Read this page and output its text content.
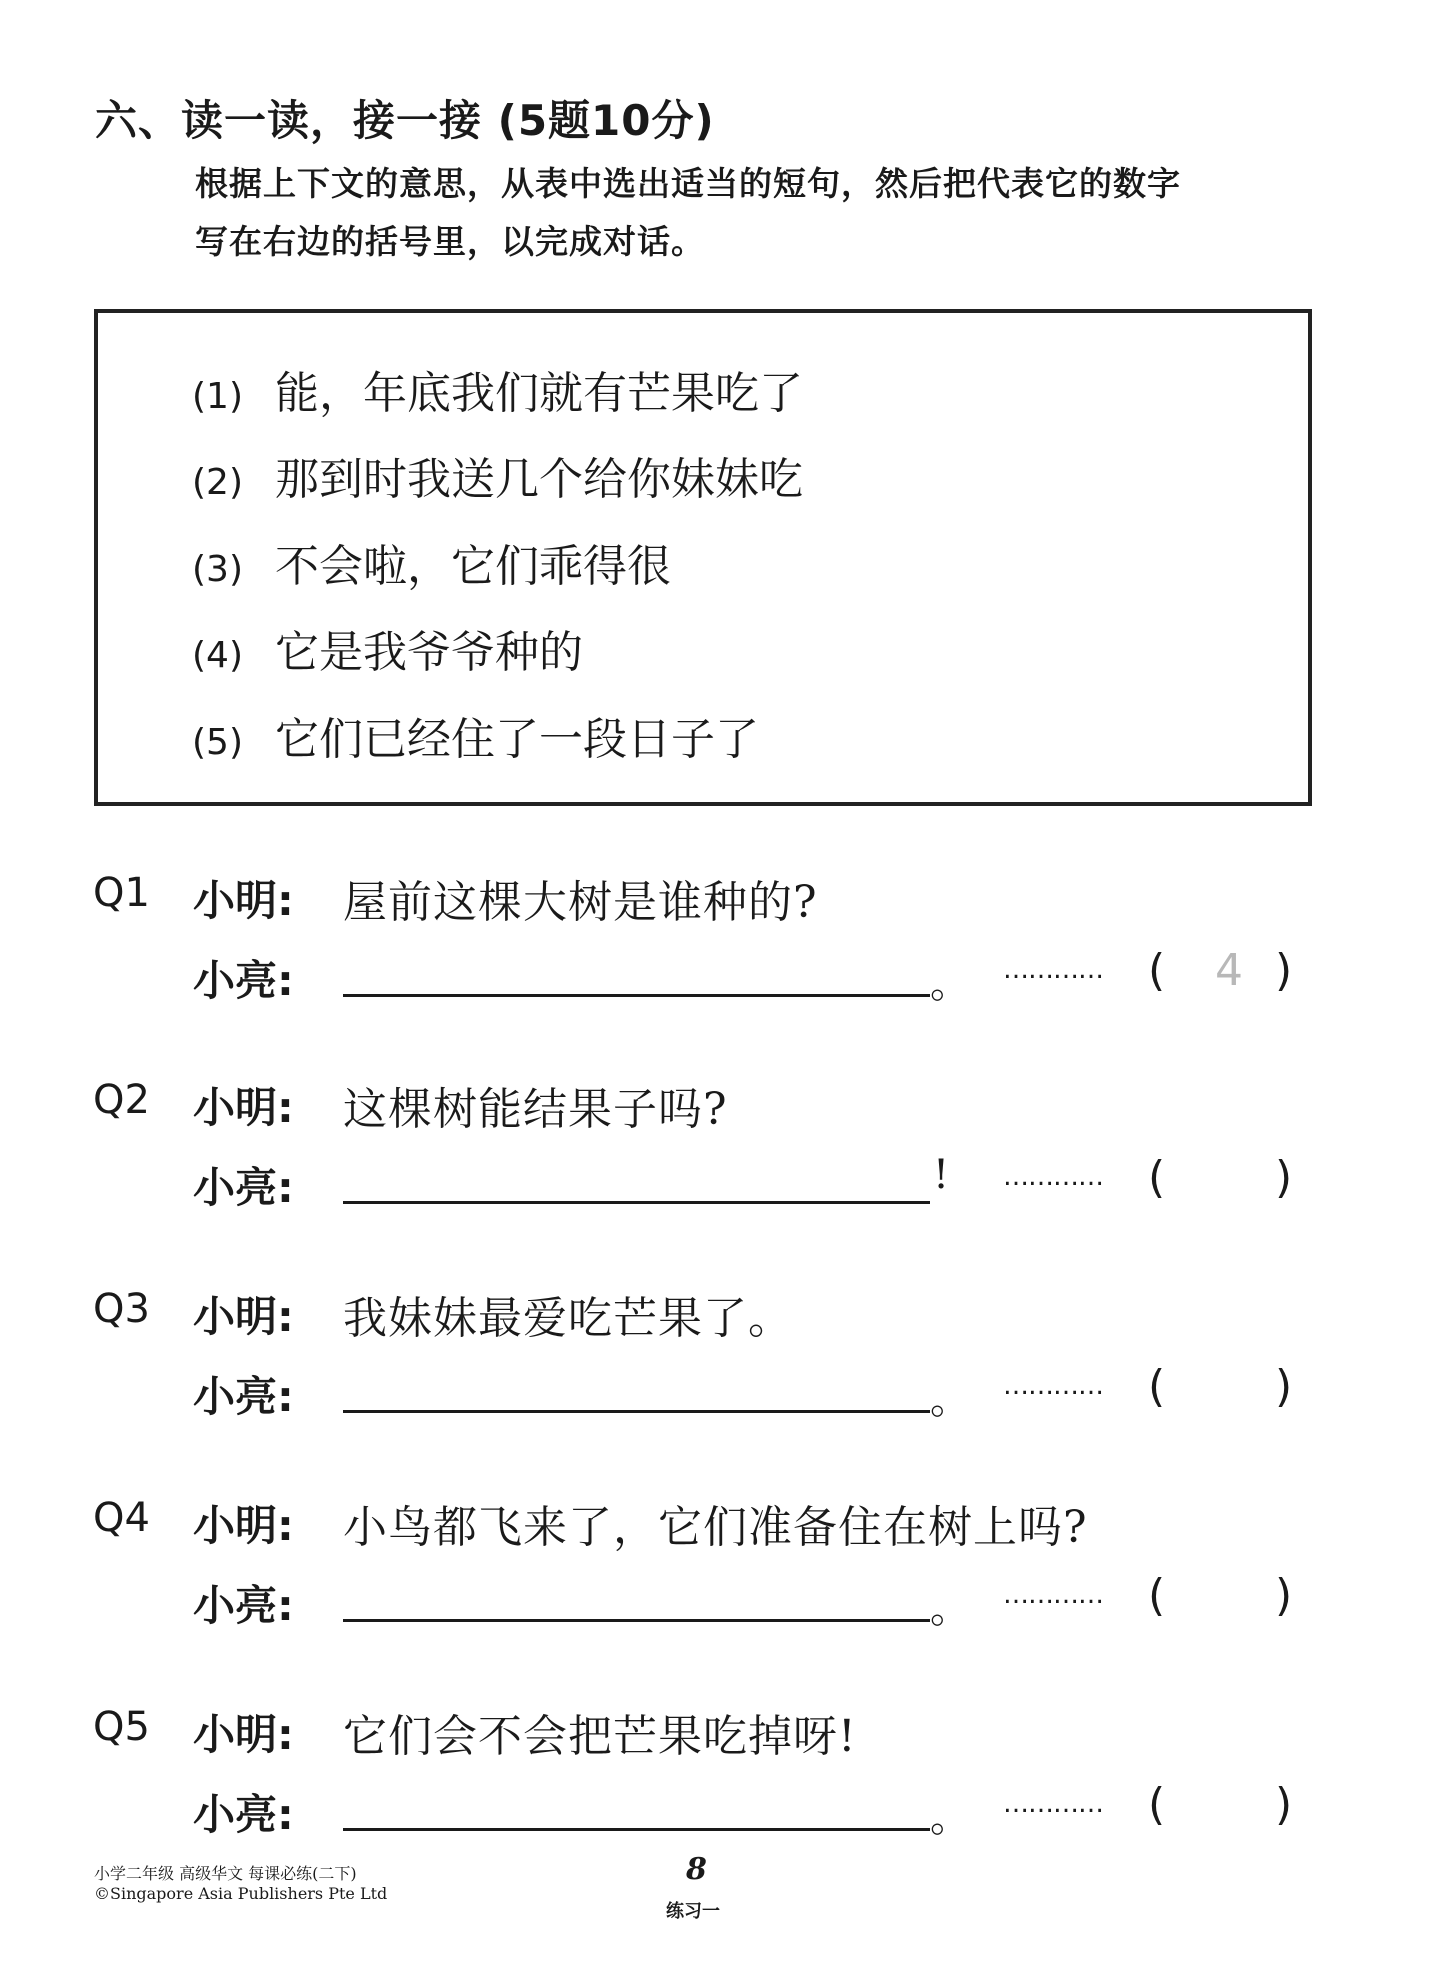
六、读一读，接一接 (5题10分)
根据上下文的意思，从表中选出适当的短句，然后把代表它的数字
写在右边的括号里，以完成对话。
(1) 能，年底我们就有芒果吃了
(2) 那到时我送几个给你妹妹吃
(3) 不会啦，它们乖得很
(4) 它是我爷爷种的
(5) 它们已经住了一段日子了
Q1 小明: 屋前这棵大树是谁种的?
小亮:	。 ………… ( 4 )
Q2 小明: 这棵树能结果子吗?
小亮:	! ………… ( )
Q3 小明: 我妹妹最爱吃芒果了。
小亮:	。 ………… ( )
Q4 小明: 小鸟都飞来了，它们准备住在树上吗?
小亮:	。 ………… ( )
Q5 小明: 它们会不会把芒果吃掉呀!
小亮:	。 ………… ( )
小学二年级 高级华文 每课必练(二下)
©Singapore Asia Publishers Pte Ltd
8
练习一
